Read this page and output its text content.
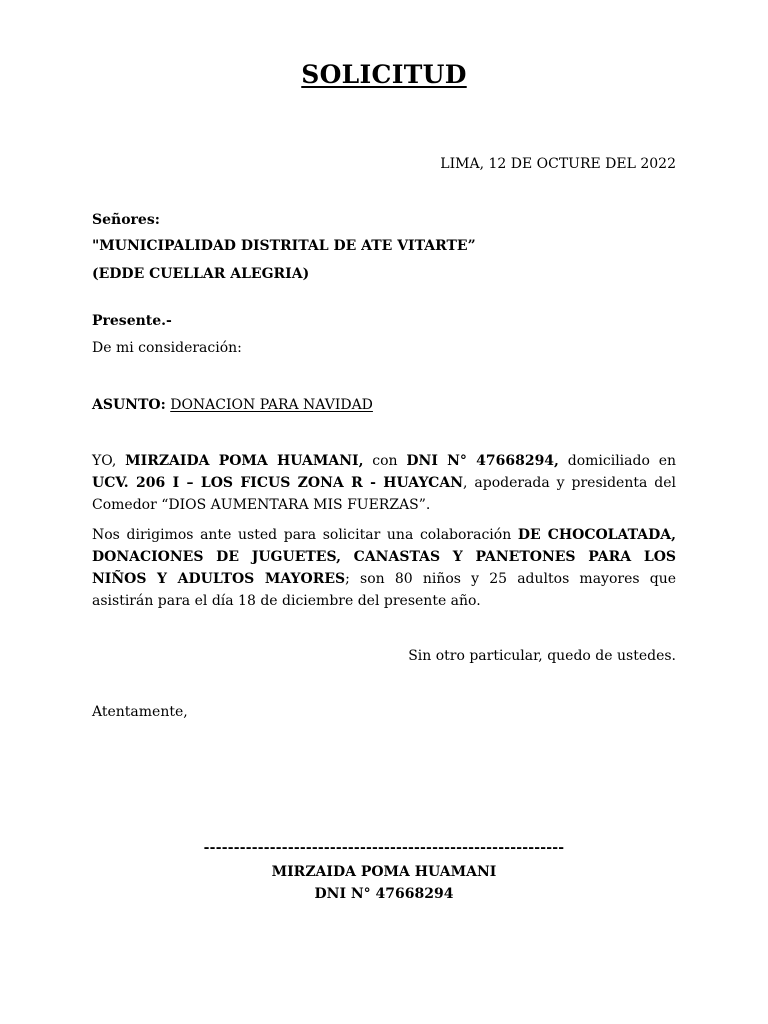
SOLICITUD
LIMA, 12 DE OCTURE DEL 2022
Señores:
"MUNICIPALIDAD DISTRITAL DE ATE VITARTE”
(EDDE CUELLAR ALEGRIA)
Presente.-
De mi consideración:
ASUNTO: DONACION PARA NAVIDAD
YO, MIRZAIDA POMA HUAMANI, con DNI N° 47668294, domiciliado en UCV. 206 I – LOS FICUS ZONA R - HUAYCAN, apoderada y presidenta del Comedor “DIOS AUMENTARA MIS FUERZAS”.
Nos dirigimos ante usted para solicitar una colaboración DE CHOCOLATADA, DONACIONES DE JUGUETES, CANASTAS Y PANETONES PARA LOS NIÑOS Y ADULTOS MAYORES; son 80 niños y 25 adultos mayores que asistirán para el día 18 de diciembre del presente año.
Sin otro particular, quedo de ustedes.
Atentamente,
------------------------------------------------------------
MIRZAIDA POMA HUAMANI
DNI N° 47668294
